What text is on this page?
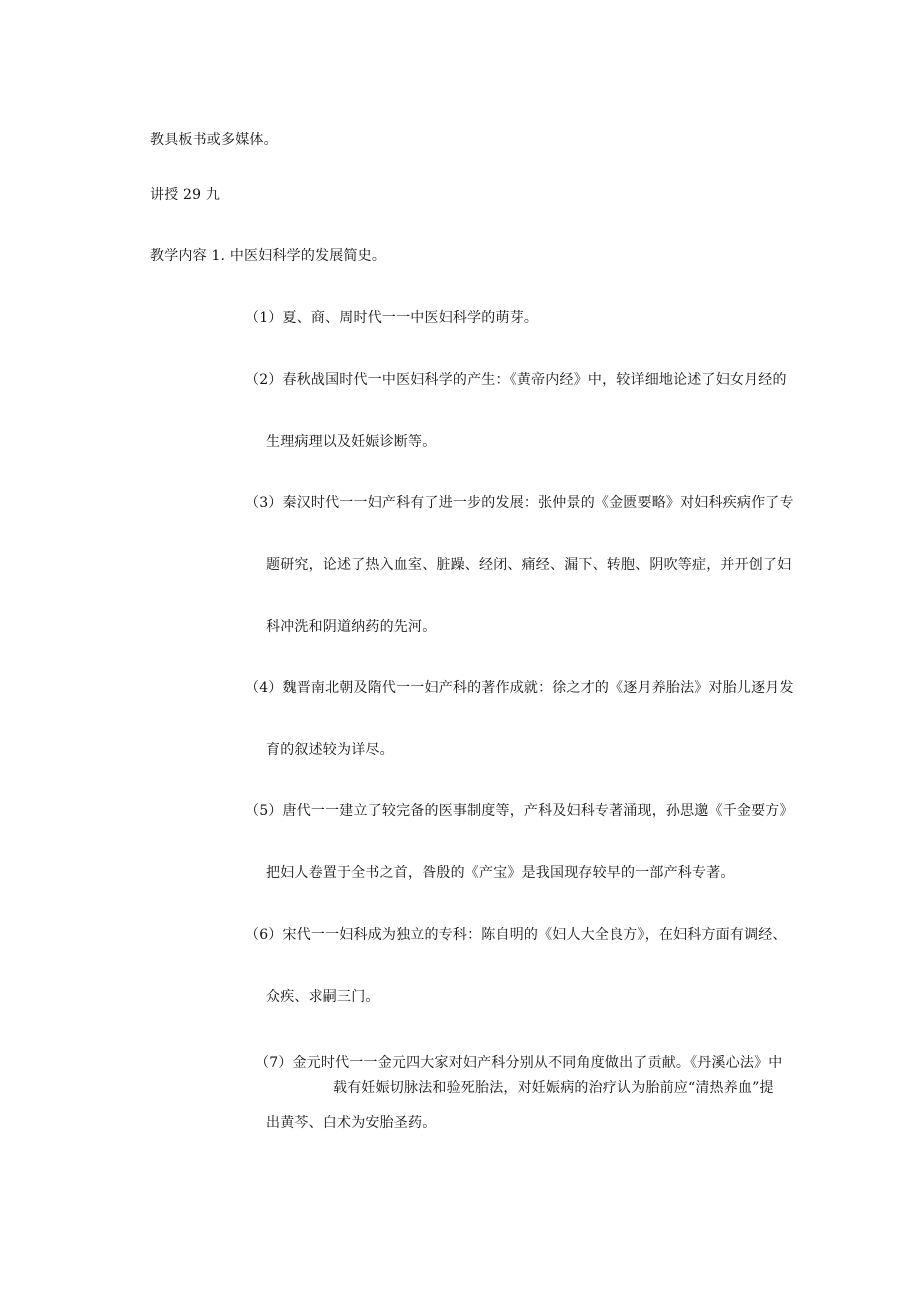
教具板书或多媒体。
讲授 29 九
教学内容 1. 中医妇科学的发展简史。
（1）夏、商、周时代一一中医妇科学的萌芽。
（2）春秋战国时代一中医妇科学的产生：《黄帝内经》中，较详细地论述了妇女月经的
生理病理以及妊娠诊断等。
（3）秦汉时代一一妇产科有了进一步的发展：张仲景的《金匮要略》对妇科疾病作了专
题研究，论述了热入血室、脏躁、经闭、痛经、漏下、转胞、阴吹等症，并开创了妇
科冲洗和阴道纳药的先河。
（4）魏晋南北朝及隋代一一妇产科的著作成就：徐之才的《逐月养胎法》对胎儿逐月发
育的叙述较为详尽。
（5）唐代一一建立了较完备的医事制度等，产科及妇科专著涌现，孙思邈《千金要方》
把妇人卷置于全书之首，昝殷的《产宝》是我国现存较早的一部产科专著。
（6）宋代一一妇科成为独立的专科：陈自明的《妇人大全良方》，在妇科方面有调经、
众疾、求嗣三门。
（7）金元时代一一金元四大家对妇产科分别从不同角度做出了贡献。《丹溪心法》中
载有妊娠切脉法和验死胎法，对妊娠病的治疗认为胎前应“清热养血”提
出黄芩、白术为安胎圣药。
